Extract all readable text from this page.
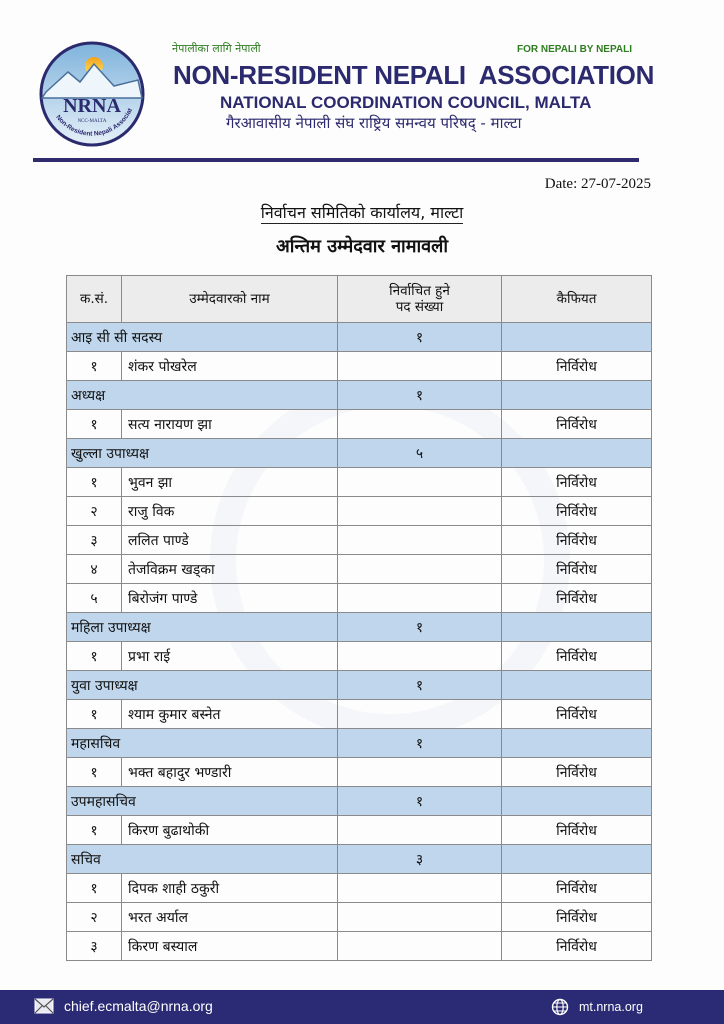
NRNA
NCC-MALTA
Non-Resident Nepali Associat
नेपालीका लागि नेपाली	FOR NEPALI BY NEPALI
NON-RESIDENT NEPALI  ASSOCIATION
NATIONAL COORDINATION COUNCIL, MALTA
गैरआवासीय नेपाली संघ राष्ट्रिय समन्वय परिषद् - माल्टा
Date: 27-07-2025
निर्वाचन समितिको कार्यालय, माल्टा
अन्तिम उम्मेदवार नामावली
क.सं.	उम्मेदवारको नाम	निर्वाचित हुने
पद संख्या	कैफियत
आइ सी सी सदस्य		१	
१	शंकर पोखरेल		निर्विरोध
अध्यक्ष		१	
१	सत्य नारायण झा		निर्विरोध
खुल्ला उपाध्यक्ष		५	
१	भुवन झा		निर्विरोध
२	राजु विक		निर्विरोध
३	ललित पाण्डे		निर्विरोध
४	तेजविक्रम खड्का		निर्विरोध
५	बिरोजंग पाण्डे		निर्विरोध
महिला उपाध्यक्ष		१	
१	प्रभा राई		निर्विरोध
युवा उपाध्यक्ष		१	
१	श्याम कुमार बस्नेत		निर्विरोध
महासचिव		१	
१	भक्त बहादुर भण्डारी		निर्विरोध
उपमहासचिव		१	
१	किरण बुढाथोकी		निर्विरोध
सचिव		३	
१	दिपक शाही ठकुरी		निर्विरोध
२	भरत अर्याल		निर्विरोध
३	किरण बस्याल		निर्विरोध
chief.ecmalta@nrna.org	mt.nrna.org
